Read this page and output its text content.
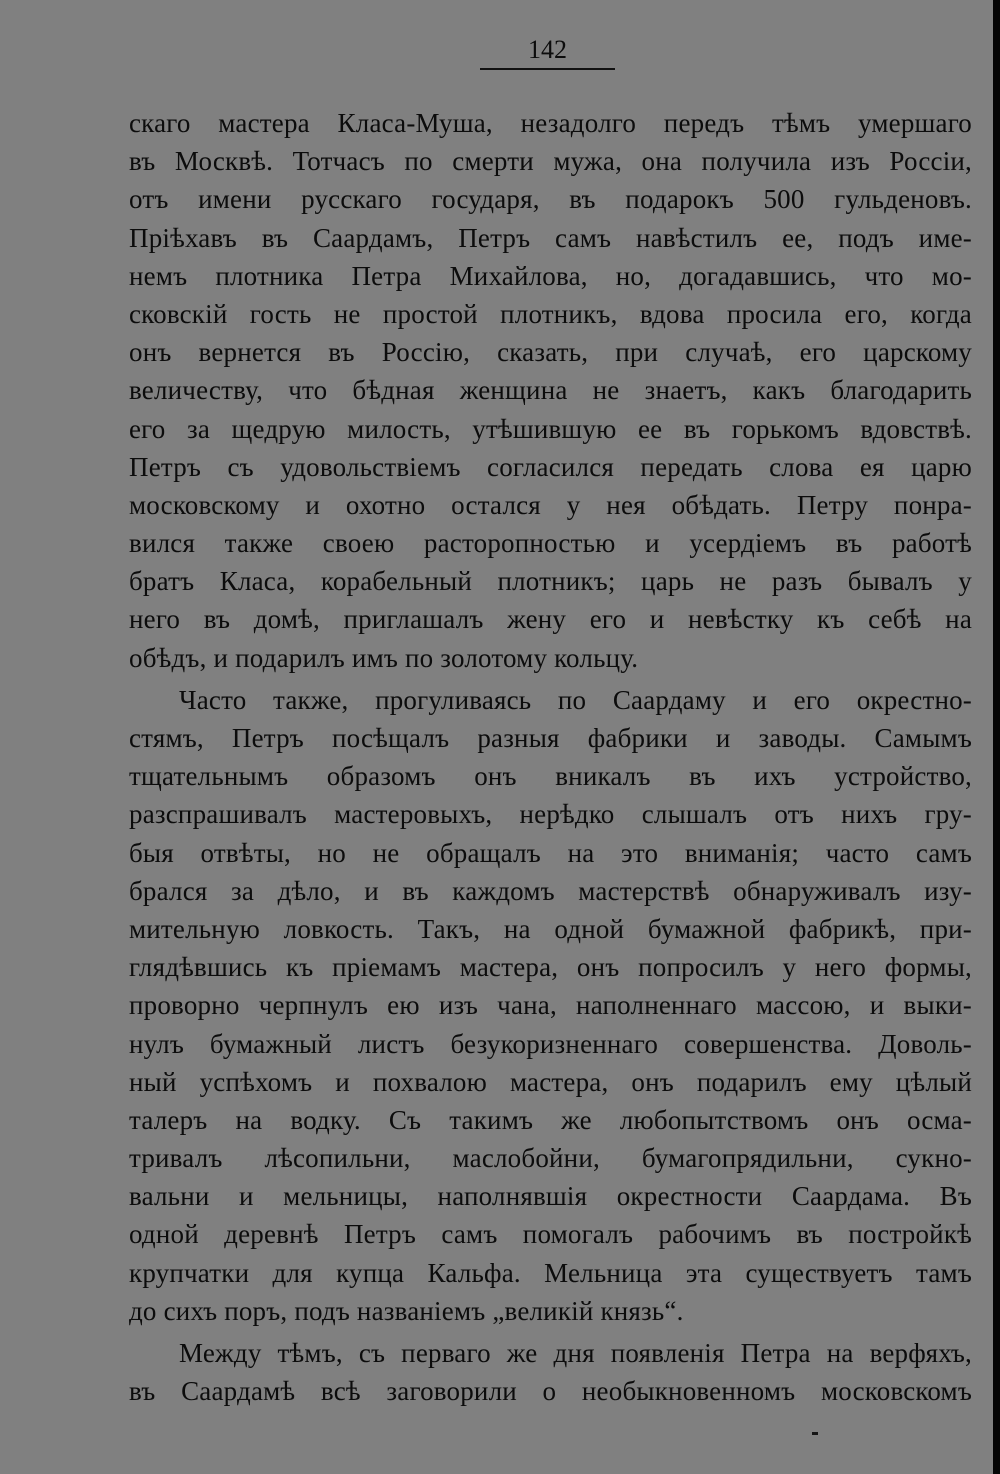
142
скаго мастера Класа-Муша, незадолго передъ тѣмъ умершаго
въ Москвѣ. Тотчасъ по смерти мужа, она получила изъ Россіи,
отъ имени русскаго государя, въ подарокъ 500 гульденовъ.
Пріѣхавъ въ Саардамъ, Петръ самъ навѣстилъ ее, подъ име-
немъ плотника Петра Михайлова, но, догадавшись, что мо-
сковскій гость не простой плотникъ, вдова просила его, когда
онъ вернется въ Россію, сказать, при случаѣ, его царскому
величеству, что бѣдная женщина не знаетъ, какъ благодарить
его за щедрую милость, утѣшившую ее въ горькомъ вдовствѣ.
Петръ съ удовольствіемъ согласился передать слова ея царю
московскому и охотно остался у нея обѣдать. Петру понра-
вился также своею расторопностью и усердіемъ въ работѣ
братъ Класа, корабельный плотникъ; царь не разъ бывалъ у
него въ домѣ, приглашалъ жену его и невѣстку къ себѣ на
обѣдъ, и подарилъ имъ по золотому кольцу.
Часто также, прогуливаясь по Саардаму и его окрестно-
стямъ, Петръ посѣщалъ разныя фабрики и заводы. Самымъ
тщательнымъ образомъ онъ вникалъ въ ихъ устройство,
разспрашивалъ мастеровыхъ, нерѣдко слышалъ отъ нихъ гру-
быя отвѣты, но не обращалъ на это вниманія; часто самъ
брался за дѣло, и въ каждомъ мастерствѣ обнаруживалъ изу-
мительную ловкость. Такъ, на одной бумажной фабрикѣ, при-
глядѣвшись къ пріемамъ мастера, онъ попросилъ у него формы,
проворно черпнулъ ею изъ чана, наполненнаго массою, и выки-
нулъ бумажный листъ безукоризненнаго совершенства. Доволь-
ный успѣхомъ и похвалою мастера, онъ подарилъ ему цѣлый
талеръ на водку. Съ такимъ же любопытствомъ онъ осма-
тривалъ лѣсопильни, маслобойни, бумагопрядильни, сукно-
вальни и мельницы, наполнявшія окрестности Саардама. Въ
одной деревнѣ Петръ самъ помогалъ рабочимъ въ постройкѣ
крупчатки для купца Кальфа. Мельница эта существуетъ тамъ
до сихъ поръ, подъ названіемъ „великій князь“.
Между тѣмъ, съ перваго же дня появленія Петра на верфяхъ,
въ Саардамѣ всѣ заговорили о необыкновенномъ московскомъ
